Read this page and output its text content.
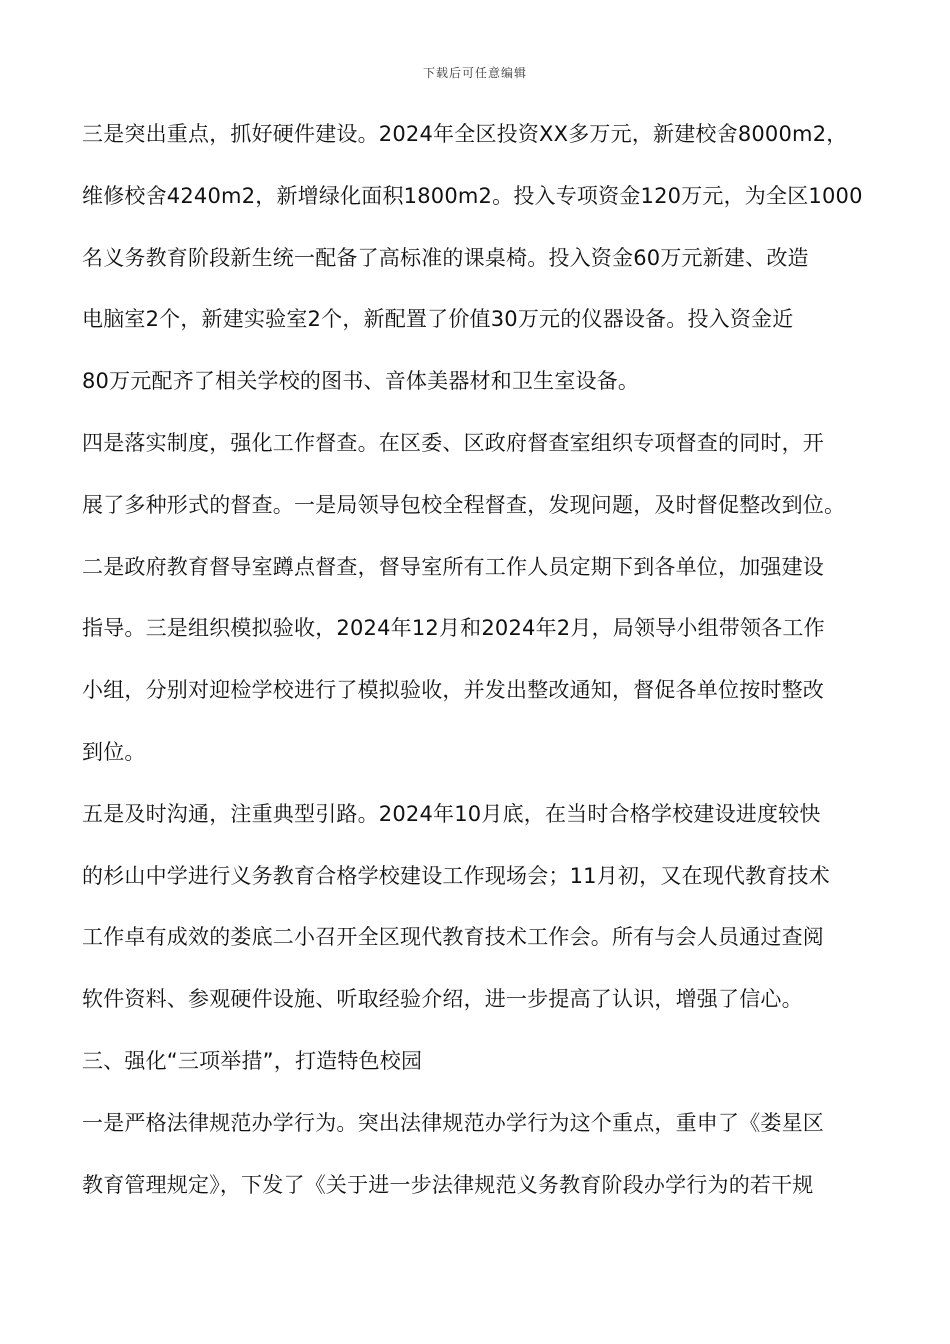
下载后可任意编辑
三是突出重点，抓好硬件建设。2024年全区投资XX多万元，新建校舍8000m2，
维修校舍4240m2，新增绿化面积1800m2。投入专项资金120万元，为全区1000
名义务教育阶段新生统一配备了高标准的课桌椅。投入资金60万元新建、改造
电脑室2个，新建实验室2个，新配置了价值30万元的仪器设备。投入资金近
80万元配齐了相关学校的图书、音体美器材和卫生室设备。
四是落实制度，强化工作督查。在区委、区政府督查室组织专项督查的同时，开
展了多种形式的督查。一是局领导包校全程督查，发现问题，及时督促整改到位。
二是政府教育督导室蹲点督查，督导室所有工作人员定期下到各单位，加强建设
指导。三是组织模拟验收，2024年12月和2024年2月，局领导小组带领各工作
小组，分别对迎检学校进行了模拟验收，并发出整改通知，督促各单位按时整改
到位。
五是及时沟通，注重典型引路。2024年10月底，在当时合格学校建设进度较快
的杉山中学进行义务教育合格学校建设工作现场会；11月初，又在现代教育技术
工作卓有成效的娄底二小召开全区现代教育技术工作会。所有与会人员通过查阅
软件资料、参观硬件设施、听取经验介绍，进一步提高了认识，增强了信心。
三、强化“三项举措”，打造特色校园
一是严格法律规范办学行为。突出法律规范办学行为这个重点，重申了《娄星区
教育管理规定》，下发了《关于进一步法律规范义务教育阶段办学行为的若干规
